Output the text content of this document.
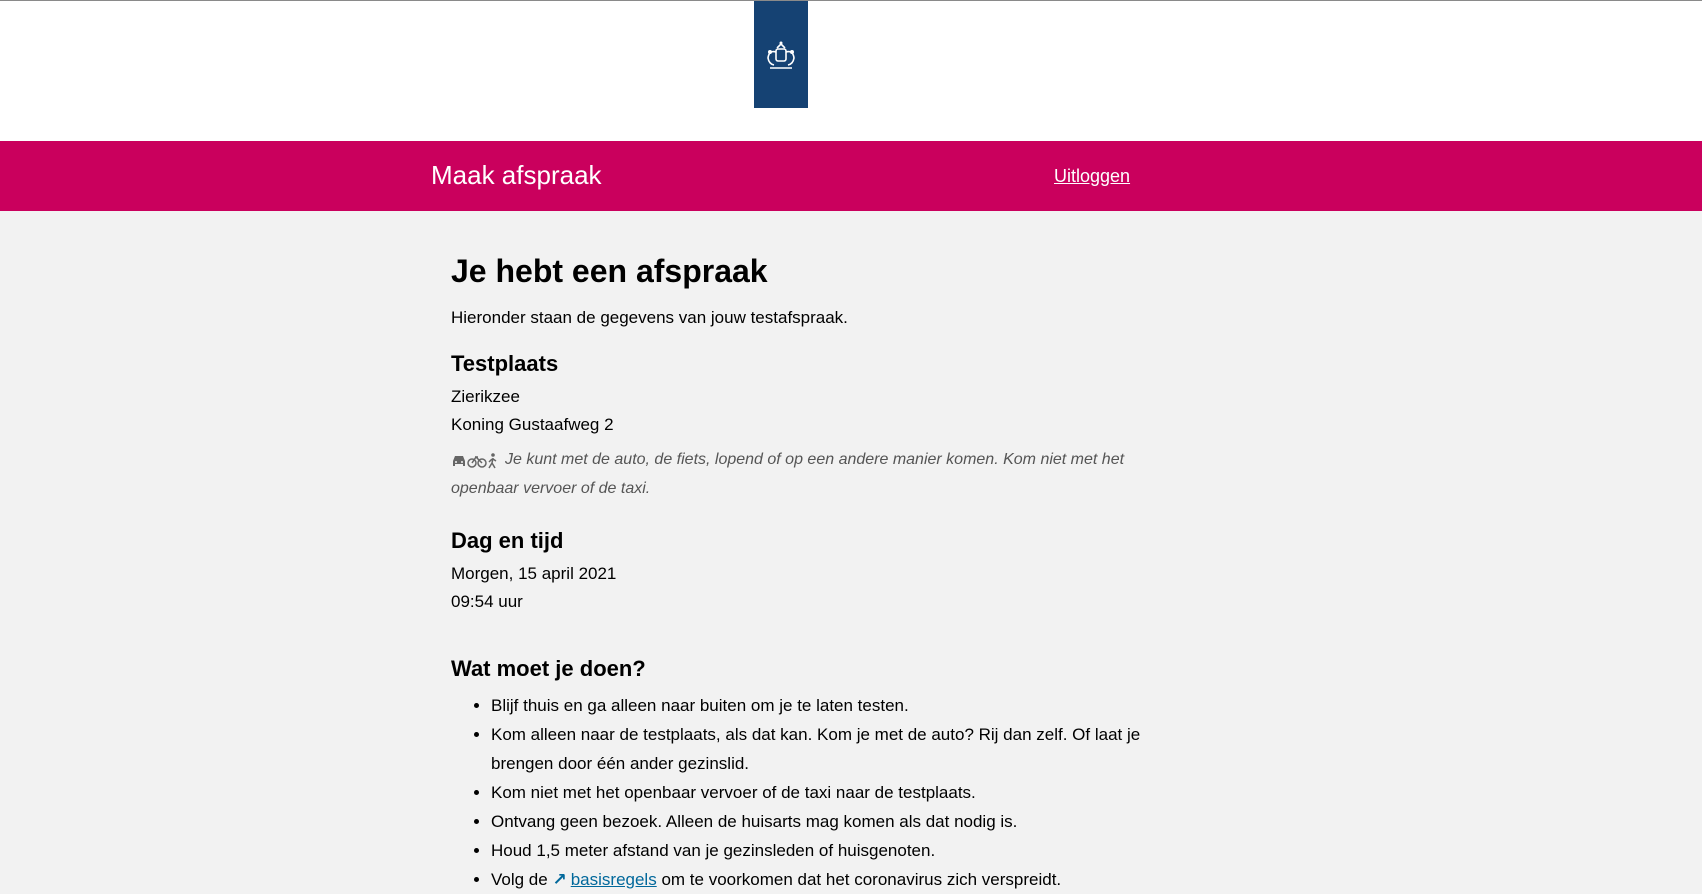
Maak afspraak	Uitloggen
Je hebt een afspraak

Hieronder staan de gegevens van jouw testafspraak.

Testplaats

Zierikzee

Koning Gustaafweg 2

Je kunt met de auto, de fiets, lopend of op een andere manier komen. Kom niet met het openbaar vervoer of de taxi.

Dag en tijd

Morgen, 15 april 2021

09:54 uur

Wat moet je doen?
• Blijf thuis en ga alleen naar buiten om je te laten testen.
• Kom alleen naar de testplaats, als dat kan. Kom je met de auto? Rij dan zelf. Of laat je brengen door één ander gezinslid.
• Kom niet met het openbaar vervoer of de taxi naar de testplaats.
• Ontvang geen bezoek. Alleen de huisarts mag komen als dat nodig is.
• Houd 1,5 meter afstand van je gezinsleden of huisgenoten.
• Volg de ↗ basisregels om te voorkomen dat het coronavirus zich verspreidt.
